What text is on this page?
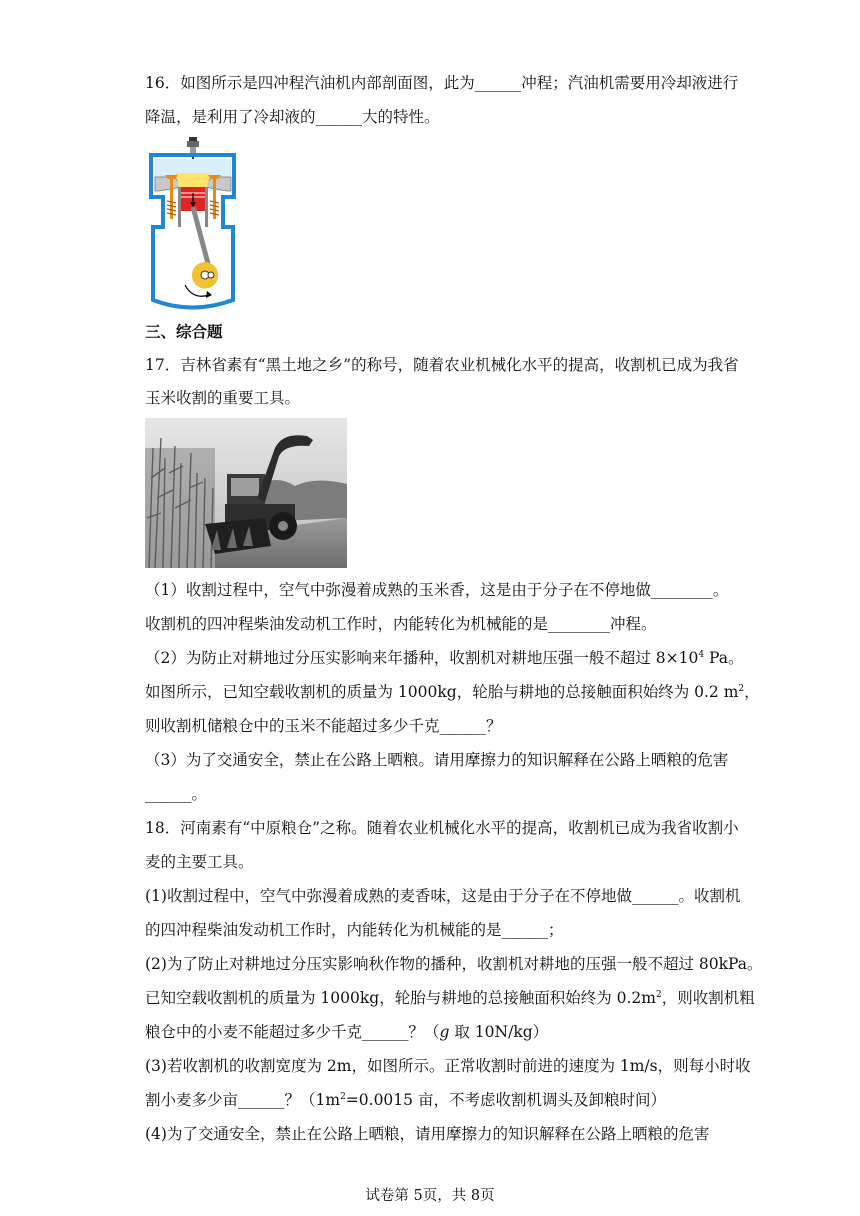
16．如图所示是四冲程汽油机内部剖面图，此为______冲程；汽油机需要用冷却液进行
降温，是利用了冷却液的______大的特性。
三、综合题
17．吉林省素有“黑土地之乡”的称号，随着农业机械化水平的提高，收割机已成为我省
玉米收割的重要工具。
（1）收割过程中，空气中弥漫着成熟的玉米香，这是由于分子在不停地做________。
收割机的四冲程柴油发动机工作时，内能转化为机械能的是________冲程。
（2）为防止对耕地过分压实影响来年播种，收割机对耕地压强一般不超过 $8\times 10^4$ Pa。
如图所示，已知空载收割机的质量为 1000kg，轮胎与耕地的总接触面积始终为 0.2 $m^2$，
则收割机储粮仓中的玉米不能超过多少千克______？
（3）为了交通安全，禁止在公路上晒粮。请用摩擦力的知识解释在公路上晒粮的危害
______。
18．河南素有“中原粮仓”之称。随着农业机械化水平的提高，收割机已成为我省收割小
麦的主要工具。
(1)收割过程中，空气中弥漫着成熟的麦香味，这是由于分子在不停地做______。收割机
的四冲程柴油发动机工作时，内能转化为机械能的是______；
(2)为了防止对耕地过分压实影响秋作物的播种，收割机对耕地的压强一般不超过 80kPa。
已知空载收割机的质量为 1000kg，轮胎与耕地的总接触面积始终为 $0.2m^2$，则收割机粗
粮仓中的小麦不能超过多少千克______？（g 取 10N/kg）
(3)若收割机的收割宽度为 2m，如图所示。正常收割时前进的速度为 1m/s，则每小时收
割小麦多少亩______？（$1m^2=0.0015$ 亩，不考虑收割机调头及卸粮时间）
(4)为了交通安全，禁止在公路上晒粮，请用摩擦力的知识解释在公路上晒粮的危害
试卷第 5页，共 8页
